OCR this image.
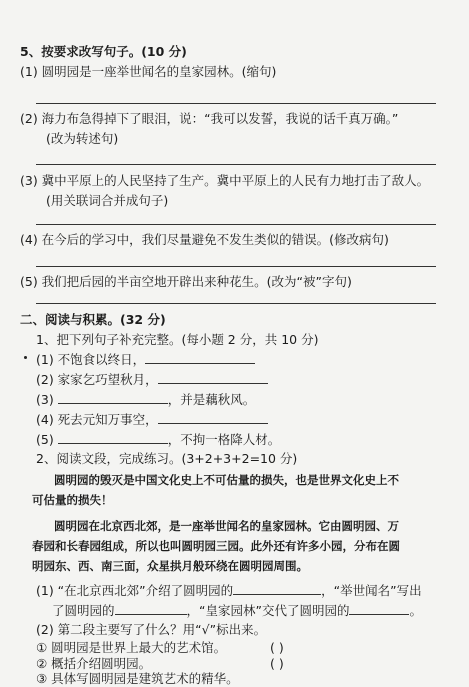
5、按要求改写句子。(10 分)
(1) 圆明园是一座举世闻名的皇家园林。(缩句)
(2) 海力布急得掉下了眼泪，说：“我可以发誓，我说的话千真万确。”
(改为转述句)
(3) 冀中平原上的人民坚持了生产。冀中平原上的人民有力地打击了敌人。
(用关联词合并成句子)
(4) 在今后的学习中，我们尽量避免不发生类似的错误。(修改病句)
(5) 我们把后园的半亩空地开辟出来种花生。(改为“被”字句)
二、阅读与积累。(32 分)
1、把下列句子补充完整。(每小题 2 分，共 10 分)
(1) 不饱食以终日，
(2) 家家乞巧望秋月，
(3)	，并是藕秋风。
(4) 死去元知万事空，
(5)	，不拘一格降人材。
2、阅读文段，完成练习。(3+2+3+2=10 分)
圆明园的毁灭是中国文化史上不可估量的损失，也是世界文化史上不
可估量的损失！
圆明园在北京西北郊，是一座举世闻名的皇家园林。它由圆明园、万
春园和长春园组成，所以也叫圆明园三园。此外还有许多小园，分布在圆
明园东、西、南三面，众星拱月般环绕在圆明园周围。
(1) “在北京西北郊”介绍了圆明园的	，“举世闻名”写出
了圆明园的	，“皇家园林”交代了圆明园的	。
(2) 第二段主要写了什么？用“√”标出来。
① 圆明园是世界上最大的艺术馆。	( )
② 概括介绍圆明园。	( )
③ 具体写圆明园是建筑艺术的精华。
